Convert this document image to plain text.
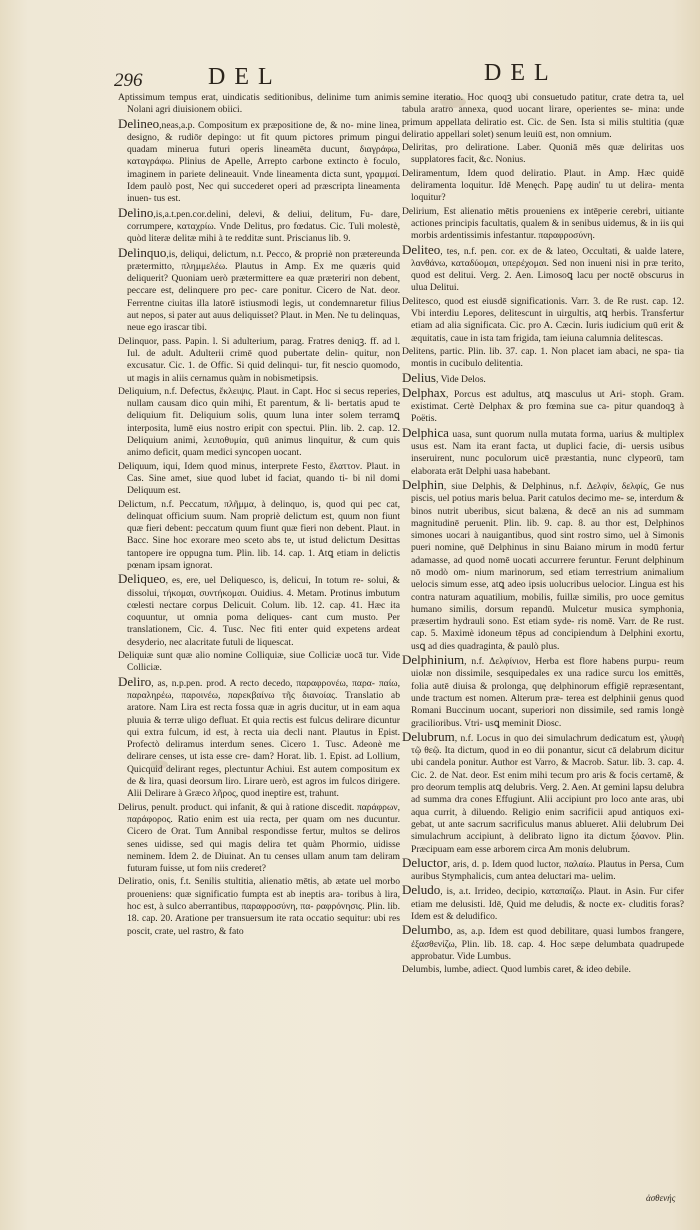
296	DEL	DEL

Aptissimum tempus erat, uindicatis seditionibus, delinime tum animis Nolani agri diuisionem obiici.

Delineo,neas,a.p. Compositum ex præpositione de, & no- mine linea, designo, & rudiōr depingo: ut fit quum pictores primum pingui quadam minerua futuri operis lineamēta ducunt, διαγράφω, καταγράφω. Plinius de Apelle, Arrepto carbone extincto è foculo, imaginem in pariete delineauit. Vnde lineamenta dicta sunt, γραμμαί. Idem paulò post, Nec qui succederet operi ad præscripta lineamenta inuen- tus est.

Delino,is,a.t.pen.cor.delini, delevi, & deliui, delitum, Fu- dare, corrumpere, καταχρίω. Vnde Delitus, pro fœdatus. Cic. Tuli molestè, quòd literæ delitæ mihi à te redditæ sunt. Priscianus lib. 9.

Delinquo,is, deliqui, delictum, n.t. Pecco, & propriè non prætereunda prætermitto, πλημμελέω. Plautus in Amp. Ex me quæris quid deliquerit? Quoniam uerò prætermittere ea quæ præteriri non debent, peccare est, delinquere pro pec- care ponitur. Cicero de Nat. deor. Ferrentne ciuitas illa latorē istiusmodi legis, ut condemnaretur filius aut nepos, si pater aut auus deliquisset? Plaut. in Men. Ne tu delinquas, neue ego irascar tibi.

Delinquor, pass. Papin. l. Si adulterium, parag. Fratres deniqꝫ. ff. ad l. Iul. de adult. Adulterii crimē quod pubertate delin- quitur, non excusatur. Cic. 1. de Offic. Si quid delinqui- tur, fit nescio quomodo, ut magis in aliis cernamus quàm in nobismetipsis.

Deliquium, n.f. Defectus, ἔκλειψις. Plaut. in Capt. Hoc si secus reperies, nullam causam dico quin mihi, Et parentum, & li- bertatis apud te deliquium fit. Deliquium solis, quum luna inter solem terramꝗ interposita, lumē eius nostro eripit con spectui. Plin. lib. 2. cap. 12. Deliquium animi, λειποθυμία, quū animus linquitur, & cum quis animo deficit, quam medici syncopen uocant.

Deliquum, iqui, Idem quod minus, interprete Festo, ἔλαττον. Plaut. in Cas. Sine amet, siue quod lubet id faciat, quando ti- bi nil domi Deliquum est.

Delictum, n.f. Peccatum, πλῆμμα, à delinquo, is, quod qui pec cat, delinquat officium suum. Nam propriè delictum est, quum non fiunt quæ fieri debent: peccatum quum fiunt quæ fieri non debent. Plaut. in Bacc. Sine hoc exorare meo sceto abs te, ut istud delictum Desittas tantopere ire oppugna tum. Plin. lib. 14. cap. 1. Atꝗ etiam in delictis pœnam ipsam ignorat.

Deliqueo, es, ere, uel Deliquesco, is, delicui, In totum re- solui, & dissolui, τήκομαι, συντήκομαι. Ouidius. 4. Metam. Protinus imbutum cœlesti nectare corpus Delicuit. Colum. lib. 12. cap. 41. Hæc ita coquuntur, ut omnia poma deliques- cant cum musto. Per translationem, Cic. 4. Tusc. Nec fiti enter quid expetens ardeat desyderio, nec alacritate futuli de liquescat.

Deliquiæ sunt quæ alio nomine Colliquiæ, siue Colliciæ uocā tur. Vide Colliciæ.

Deliro, as, n.p.pen. prod. A recto decedo, παραφρονέω, παρα- παίω, παραληρέω, παροινέω, παρεκβαίνω τῆς διανοίας. Translatio ab aratore. Nam Lira est recta fossa quæ in agris ducitur, ut in eam aqua pluuia & terræ uligo defluat. Et quia rectis est fulcus delirare dicuntur qui extra fulcum, id est, à recta uia decli nant. Plautus in Epist. Profectò deliramus interdum senes. Cicero 1. Tusc. Adeonè me delirare censes, ut ista esse cre- dam? Horat. lib. 1. Epist. ad Lollium, Quicquid delirant reges, plectuntur Achiui. Est autem compositum ex de & lira, quasi deorsum liro. Lirare uerò, est agros im fulcos dirigere. Alii Delirare à Græco λῆρος, quod ineptire est, trahunt.

Delirus, penult. product. qui infanit, & qui à ratione discedit. παράφρων, παράφορος. Ratio enim est uia recta, per quam om nes ducuntur. Cicero de Orat. Tum Annibal respondisse fertur, multos se deliros senes uidisse, sed qui magis delira tet quàm Phormio, uidisse neminem. Idem 2. de Diuinat. An tu censes ullam anum tam deliram futuram fuisse, ut fom niis crederet?

Deliratio, onis, f.t. Senilis stultitia, alienatio mētis, ab ætate uel morbo proueniens: quæ significatio fumpta est ab ineptis ara- toribus à lira, hoc est, à sulco aberrantibus, παραφροσύνη, πα- ραφρόνησις. Plin. lib. 18. cap. 20. Aratione per transuersum ite rata occatio sequitur: ubi res poscit, crate, uel rastro, & fato

semine iteratio. Hoc quoqꝫ ubi consuetudo patitur, crate detra ta, uel tabula aratro annexa, quod uocant lirare, operientes se- mina: unde primum appellata deliratio est. Cic. de Sen. Ista si milis stultitia (quæ deliratio appellari solet) senum leuiū est, non omnium.

Deliritas, pro deliratione. Laber. Quoniā mēs quæ deliritas uos supplatores facit, &c. Nonius.

Deliramentum, Idem quod deliratio. Plaut. in Amp. Hæc quidē deliramenta loquitur. Idē Menęch. Papę audin' tu ut delira- menta loquitur?

Delirium, Est alienatio mētis proueniens ex intēperie cerebri, uitiante actiones principis facultatis, qualem & in senibus uidemus, & in iis qui morbis ardentissimis infestantur. παραφροσύνη.

Deliteo, tes, n.f. pen. cor. ex de & lateo, Occultati, & ualde latere, λανθάνω, καταδύομαι, υπερέχομαι. Sed non inueni nisi in præ terito, quod est delitui. Verg. 2. Aen. Limosoꝗ lacu per noctē obscurus in ulua Delitui.

Delitesco, quod est eiusdē significationis. Varr. 3. de Re rust. cap. 12. Vbi interdiu Lepores, delitescunt in uirgultis, atꝗ herbis. Transfertur etiam ad alia significata. Cic. pro A. Cæcin. Iuris iudicium quū erit & æquitatis, caue in ista tam frigida, tam ieiuna calumnia delitescas.

Delitens, partic. Plin. lib. 37. cap. 1. Non placet iam abaci, ne spa- tia montis in cucibulo delitentia.

Delius, Vide Delos.

Delphax, Porcus est adultus, atꝗ masculus ut Ari- stoph. Gram. existimat. Certè Delphax & pro fœmina sue ca- pitur quandoqꝫ à Poëtis.

Delphica uasa, sunt quorum nulla mutata forma, uarius & multiplex usus est. Nam ita erant facta, ut duplici facie, di- uersis usibus inseruirent, nunc poculorum uicē præstantia, nunc clypeorū, tam elaborata erāt Delphi uasa habebant.

Delphin, siue Delphis, & Delphinus, n.f. Δελφίν, δελφίς, Ge nus piscis, uel potius maris belua. Parit catulos decimo me- se, interdum & binos nutrit uberibus, sicut balæna, & decē an nis ad summam magnitudinē peruenit. Plin. lib. 9. cap. 8. au thor est, Delphinos simones uocari à nauigantibus, quod sint rostro simo, uel à Simonis pueri nomine, quē Delphinus in sinu Baiano mirum in modū fertur adamasse, ad quod nomē uocati accurrere feruntur. Ferunt delphinum nō modò om- nium marinorum, sed etiam terrestrium animalium uelocis simum esse, atꝗ adeo ipsis uolucribus uelocior. Lingua est his contra naturam aquatilium, mobilis, fuillæ similis, pro uoce gemitus humano similis, dorsum repandū. Mulcetur musica symphonia, præsertim hydrauli sono. Est etiam syde- ris nomē. Varr. de Re rust. cap. 5. Maximè idoneum tēpus ad concipiendum à Delphini exortu, usꝗ ad dies quadraginta, & paulò plus.

Delphinium, n.f. Δελφίνιον, Herba est flore habens purpu- reum uiolæ non dissimile, sesquipedales ex una radice surcu los emittēs, folia autē diuisa & prolonga, quę delphinorum effigiē repræsentant, unde tractum est nomen. Alterum præ- terea est delphinii genus quod Romani Buccinum uocant, superiori non dissimile, sed ramis longè gracilioribus. Vtri- usꝗ meminit Diosc.

Delubrum, n.f. Locus in quo dei simulachrum dedicatum est, γλυφὴ τῷ θεῷ. Ita dictum, quod in eo dii ponantur, sicut cā delabrum dicitur ubi candela ponitur. Author est Varro, & Macrob. Satur. lib. 3. cap. 4. Cic. 2. de Nat. deor. Est enim mihi tecum pro aris & focis certamē, & pro deorum templis atꝗ delubris. Verg. 2. Aen. At gemini lapsu delubra ad summa dra cones Effugiunt. Alii accipiunt pro loco ante aras, ubi aqua currit, à diluendo. Religio enim sacrificii apud antiquos exi- gebat, ut ante sacrum sacrificulus manus ablueret. Alii delubrum Dei simulachrum accipiunt, à delibrato ligno ita dictum ξόανον. Plin. Præcipuam eam esse arborem circa Am monis delubrum.

Deluctor, aris, d. p. Idem quod luctor, παλαίω. Plautus in Persa, Cum auribus Stymphalicis, cum antea deluctari ma- uelim.

Deludo, is, a.t. Irrideo, decipio, καταπαίζω. Plaut. in Asin. Fur cifer etiam me delusisti. Idē, Quid me deludis, & nocte ex- cluditis foras? Idem est & deludifico.

Delumbo, as, a.p. Idem est quod debilitare, quasi lumbos frangere, ἐξασθενίζω, Plin. lib. 18. cap. 4. Hoc sæpe delumbata quadrupede approbatur. Vide Lumbus.

Delumbis, lumbe, adiect. Quod lumbis caret, & ideo debile.

ἀσθενής
